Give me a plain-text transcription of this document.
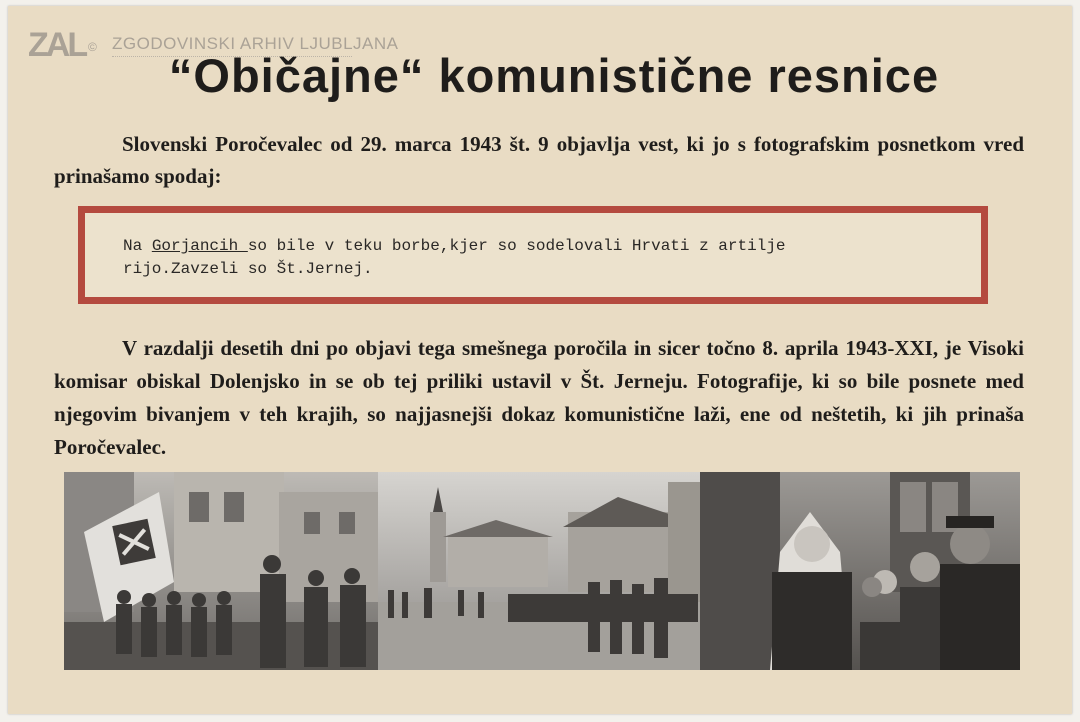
ZAL © ZGODOVINSKI ARHIV LJUBLJANA
“Običajne“ komunistične resnice
Slovenski Poročevalec od 29. marca 1943 št. 9 objavlja vest, ki jo s fotografskim posnetkom vred prinašamo spodaj:
Na Gorjancih so bile v teku borbe,kjer so sodelovali Hrvati z artilje
rijo.Zavzeli so Št.Jernej.
V razdalji desetih dni po objavi tega smešnega poročila in sicer točno 8. aprila 1943-XXI, je Visoki komisar obiskal Dolenjsko in se ob tej priliki ustavil v Št. Jerneju. Fotografije, ki so bile posnete med njegovim bivanjem v teh krajih, so najjasnejši dokaz komunistične laži, ene od neštetih, ki jih prinaša Poročevalec.
